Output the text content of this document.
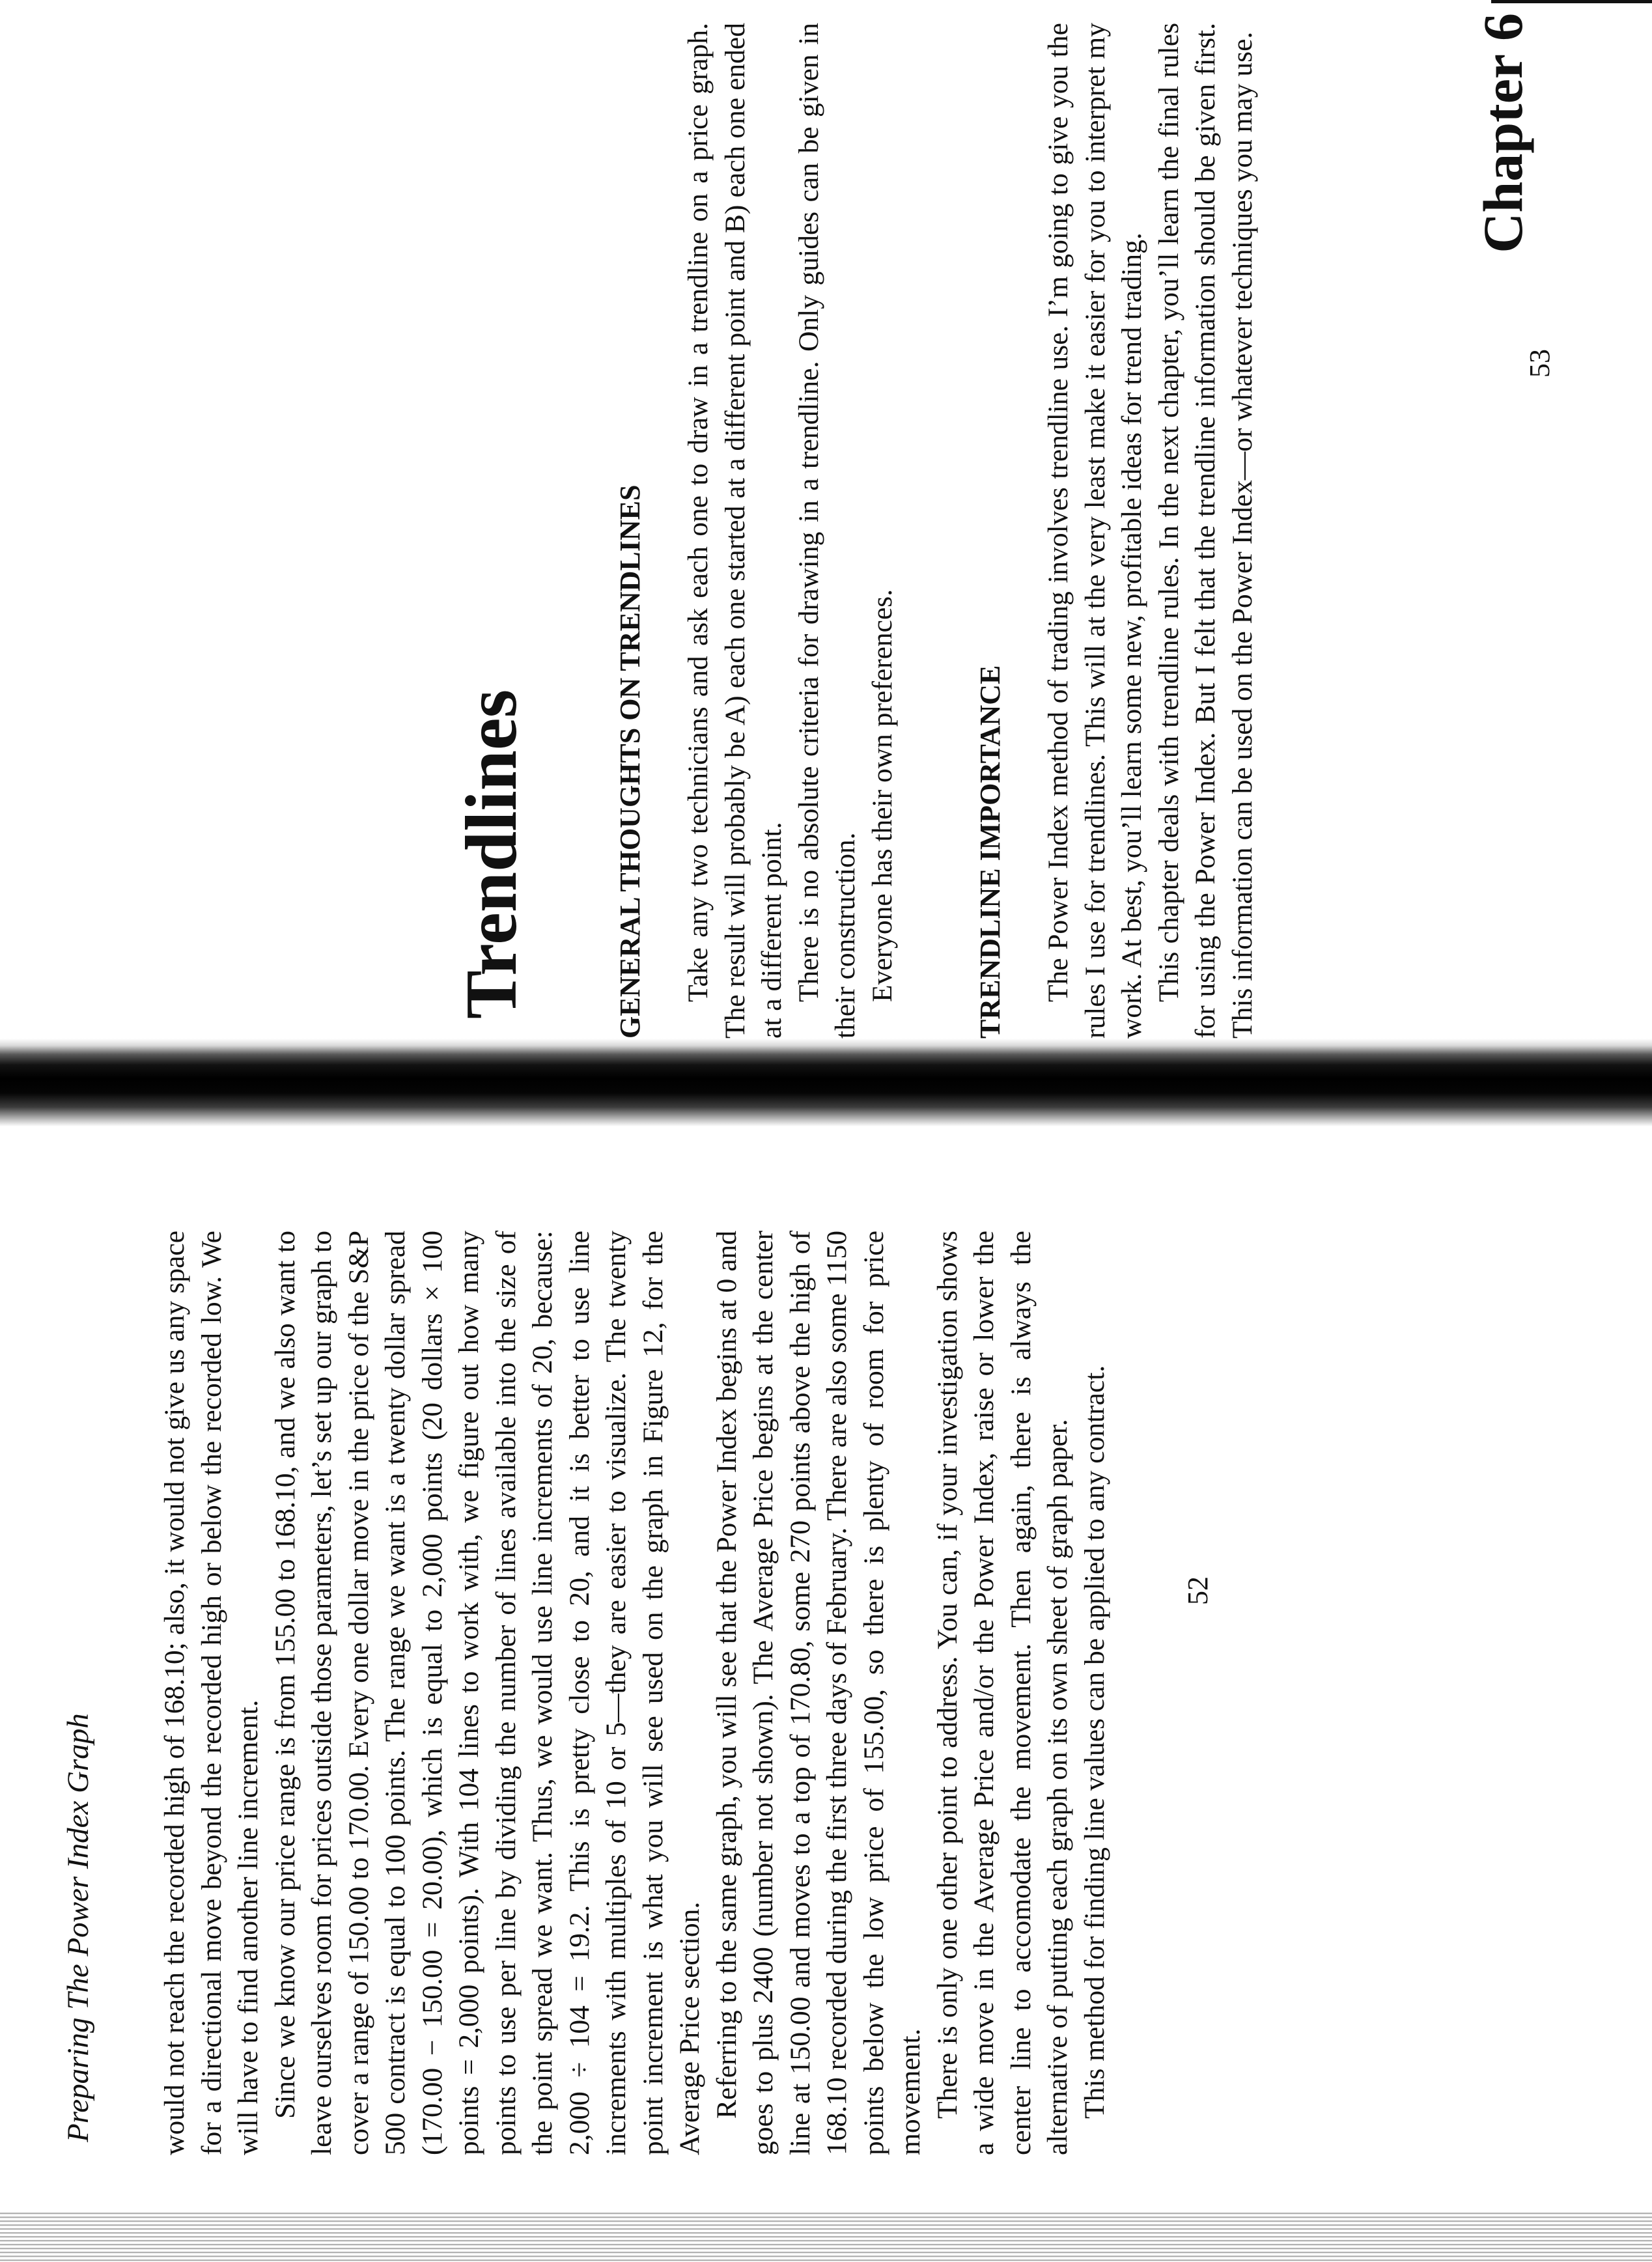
Preparing The Power Index Graph would not reach the recorded high of 168.10; also, it would not give us any space for a directional move beyond the recorded high or below the recorded low. We will have to find another line increment. Since we know our price range is from 155.00 to 168.10, and we also want to leave ourselves room for prices outside those parameters, let’s set up our graph to cover a range of 150.00 to 170.00. Every one dollar move in the price of the S&P 500 contract is equal to 100 points. The range we want is a twenty dollar spread (170.00 − 150.00 = 20.00), which is equal to 2,000 points (20 dollars × 100 points = 2,000 points). With 104 lines to work with, we figure out how many points to use per line by dividing the number of lines available into the size of the point spread we want. Thus, we would use line increments of 20, because: 2,000 ÷ 104 = 19.2. This is pretty close to 20, and it is better to use line increments with multiples of 10 or 5—they are easier to visualize. The twenty point increment is what you will see used on the graph in Figure 12, for the Average Price section. Referring to the same graph, you will see that the Power Index begins at 0 and goes to plus 2400 (number not shown). The Average Price begins at the center line at 150.00 and moves to a top of 170.80, some 270 points above the high of 168.10 recorded during the first three days of February. There are also some 1150 points below the low price of 155.00, so there is plenty of room for price movement. There is only one other point to address. You can, if your investigation shows a wide move in the Average Price and/or the Power Index, raise or lower the center line to accomodate the movement. Then again, there is always the alternative of putting each graph on its own sheet of graph paper. This method for finding line values can be applied to any contract.	52
Chapter 6
Trendlines	GENERAL THOUGHTS ON TRENDLINES Take any two technicians and ask each one to draw in a trendline on a price graph. The result will probably be A) each one started at a different point and B) each one ended at a different point. There is no absolute criteria for drawing in a trendline. Only guides can be given in their construction. Everyone has their own preferences.	TRENDLINE IMPORTANCE The Power Index method of trading involves trendline use. I’m going to give you the rules I use for trendlines. This will at the very least make it easier for you to interpret my work. At best, you’ll learn some new, profitable ideas for trend trading. This chapter deals with trendline rules. In the next chapter, you’ll learn the final rules for using the Power Index. But I felt that the trendline information should be given first. This information can be used on the Power Index—or whatever techniques you may use.	53
